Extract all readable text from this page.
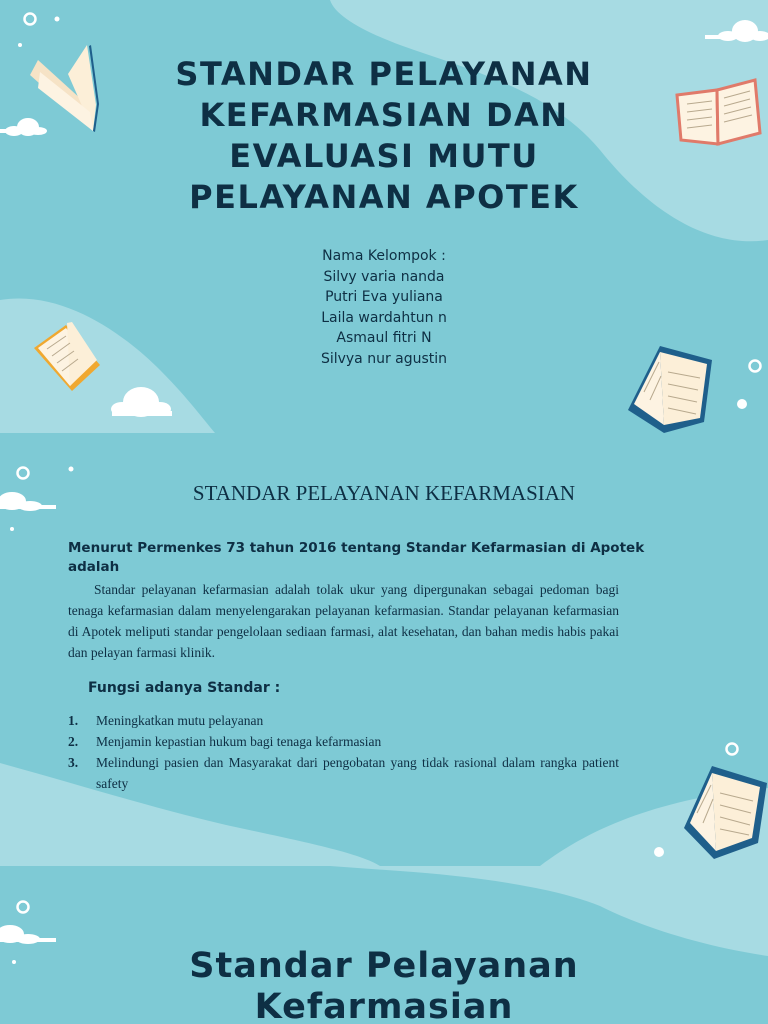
STANDAR PELAYANAN
KEFARMASIAN DAN
EVALUASI MUTU
PELAYANAN APOTEK
Nama Kelompok :
Silvy varia nanda
Putri Eva yuliana
Laila wardahtun n
Asmaul fitri N
Silvya nur agustin
STANDAR PELAYANAN KEFARMASIAN
Menurut Permenkes 73 tahun 2016 tentang Standar Kefarmasian di Apotek adalah
Standar pelayanan kefarmasian adalah tolak ukur yang dipergunakan sebagai pedoman bagi tenaga kefarmasian dalam menyelengarakan pelayanan kefarmasian. Standar pelayanan kefarmasian di Apotek meliputi standar pengelolaan sediaan farmasi, alat kesehatan, dan bahan medis habis pakai dan pelayan farmasi klinik.
Fungsi adanya Standar :
1. Meningkatkan mutu pelayanan
2. Menjamin kepastian hukum bagi tenaga kefarmasian
3. Melindungi pasien dan Masyarakat dari pengobatan yang tidak rasional dalam rangka patient safety
Standar Pelayanan
Kefarmasian
